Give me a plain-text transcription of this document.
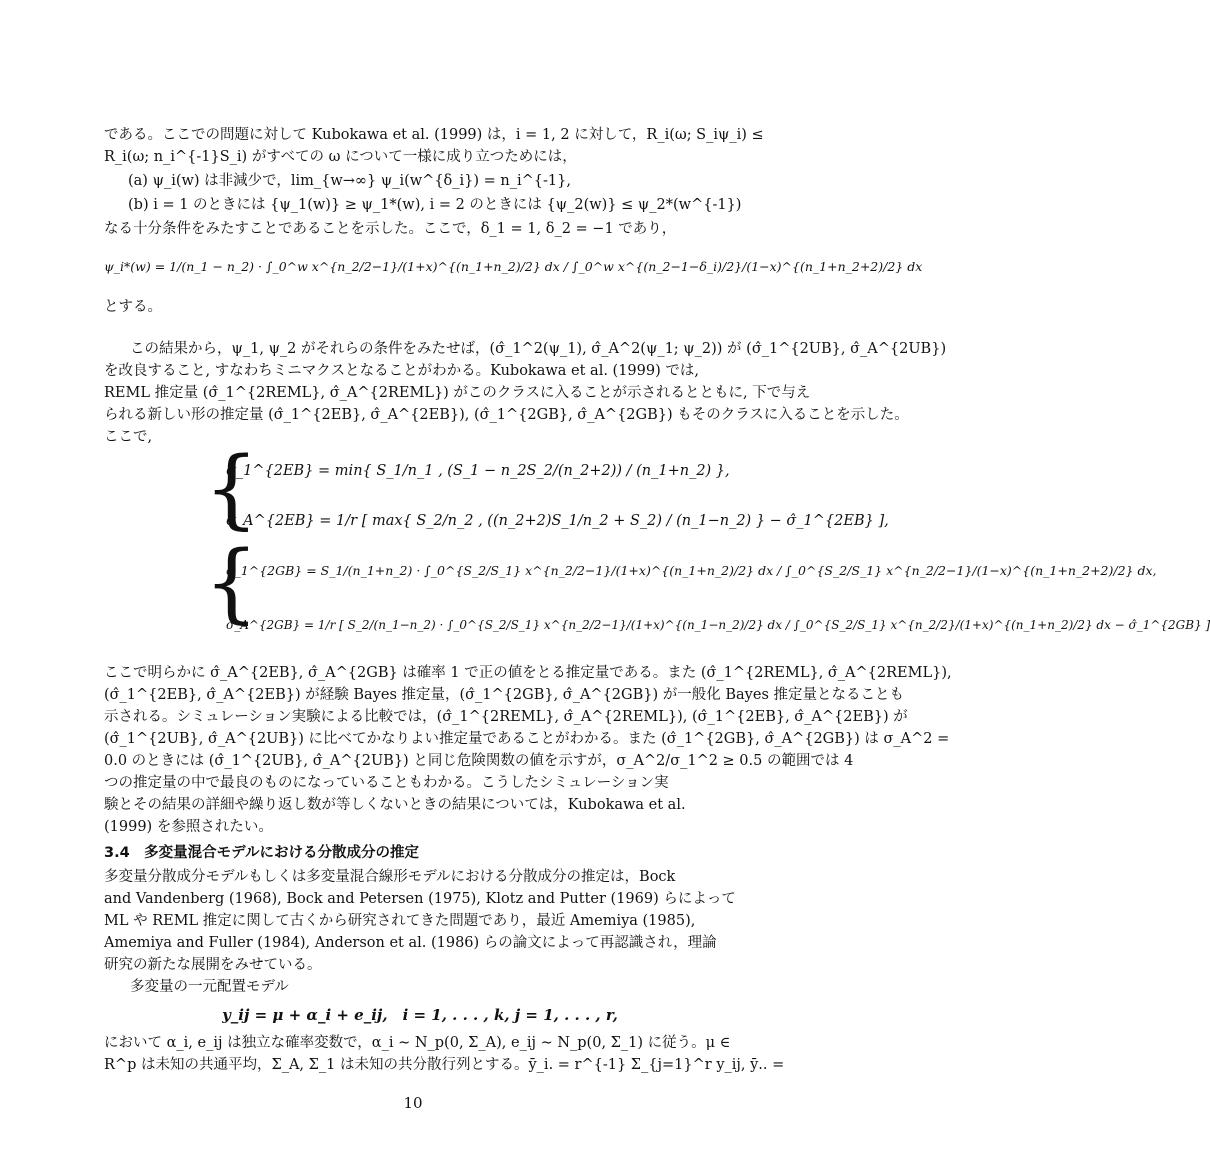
である。ここでの問題に対して Kubokawa et al. (1999) は，i = 1, 2 に対して，R_i(ω; S_iψ_i) ≤
R_i(ω; n_i^{-1}S_i) がすべての ω について一様に成り立つためには，
(a) ψ_i(w) は非減少で，lim_{w→∞} ψ_i(w^{δ_i}) = n_i^{-1},
(b) i = 1 のときには {ψ_1(w)} ≥ ψ_1*(w), i = 2 のときには {ψ_2(w)} ≤ ψ_2*(w^{-1})
なる十分条件をみたすことであることを示した。ここで，δ_1 = 1, δ_2 = −1 であり，
ψ_i*(w) = 1/(n_1 − n_2) · ∫_0^w x^{n_2/2−1}/(1+x)^{(n_1+n_2)/2} dx / ∫_0^w x^{(n_2−1−δ_i)/2}/(1−x)^{(n_1+n_2+2)/2} dx
とする。
この結果から，ψ_1, ψ_2 がそれらの条件をみたせば，(σ̂_1^2(ψ_1), σ̂_A^2(ψ_1; ψ_2)) が (σ̂_1^{2UB}, σ̂_A^{2UB})
を改良すること, すなわちミニマクスとなることがわかる。Kubokawa et al. (1999) では,
REML 推定量 (σ̂_1^{2REML}, σ̂_A^{2REML}) がこのクラスに入ることが示されるとともに, 下で与え
られる新しい形の推定量 (σ̂_1^{2EB}, σ̂_A^{2EB}), (σ̂_1^{2GB}, σ̂_A^{2GB}) もそのクラスに入ることを示した。
ここで,
{
σ̂_1^{2EB} = min{ S_1/n_1 , (S_1 − n_2S_2/(n_2+2)) / (n_1+n_2) },
σ̂_A^{2EB} = 1/r [ max{ S_2/n_2 , ((n_2+2)S_1/n_2 + S_2) / (n_1−n_2) } − σ̂_1^{2EB} ],
{
σ̂_1^{2GB} = S_1/(n_1+n_2) · ∫_0^{S_2/S_1} x^{n_2/2−1}/(1+x)^{(n_1+n_2)/2} dx / ∫_0^{S_2/S_1} x^{n_2/2−1}/(1−x)^{(n_1+n_2+2)/2} dx,
σ̂_A^{2GB} = 1/r [ S_2/(n_1−n_2) · ∫_0^{S_2/S_1} x^{n_2/2−1}/(1+x)^{(n_1−n_2)/2} dx / ∫_0^{S_2/S_1} x^{n_2/2}/(1+x)^{(n_1+n_2)/2} dx − σ̂_1^{2GB} ]
ここで明らかに σ̂_A^{2EB}, σ̂_A^{2GB} は確率 1 で正の値をとる推定量である。また (σ̂_1^{2REML}, σ̂_A^{2REML}),
(σ̂_1^{2EB}, σ̂_A^{2EB}) が経験 Bayes 推定量，(σ̂_1^{2GB}, σ̂_A^{2GB}) が一般化 Bayes 推定量となることも
示される。シミュレーション実験による比較では，(σ̂_1^{2REML}, σ̂_A^{2REML}), (σ̂_1^{2EB}, σ̂_A^{2EB}) が
(σ̂_1^{2UB}, σ̂_A^{2UB}) に比べてかなりよい推定量であることがわかる。また (σ̂_1^{2GB}, σ̂_A^{2GB}) は σ_A^2 =
0.0 のときには (σ̂_1^{2UB}, σ̂_A^{2UB}) と同じ危険関数の値を示すが，σ_A^2/σ_1^2 ≥ 0.5 の範囲では 4
つの推定量の中で最良のものになっていることもわかる。こうしたシミュレーション実
験とその結果の詳細や繰り返し数が等しくないときの結果については，Kubokawa et al.
(1999) を参照されたい。
3.4　多変量混合モデルにおける分散成分の推定
多変量分散成分モデルもしくは多変量混合線形モデルにおける分散成分の推定は，Bock
and Vandenberg (1968), Bock and Petersen (1975), Klotz and Putter (1969) らによって
ML や REML 推定に関して古くから研究されてきた問題であり，最近 Amemiya (1985),
Amemiya and Fuller (1984), Anderson et al. (1986) らの論文によって再認識され，理論
研究の新たな展開をみせている。
多変量の一元配置モデル
y_ij = μ + α_i + e_ij,　i = 1, . . . , k, j = 1, . . . , r,
において α_i, e_ij は独立な確率変数で，α_i ∼ N_p(0, Σ_A), e_ij ∼ N_p(0, Σ_1) に従う。μ ∈
R^p は未知の共通平均，Σ_A, Σ_1 は未知の共分散行列とする。ȳ_i. = r^{-1} Σ_{j=1}^r y_ij, ȳ.. =
10
